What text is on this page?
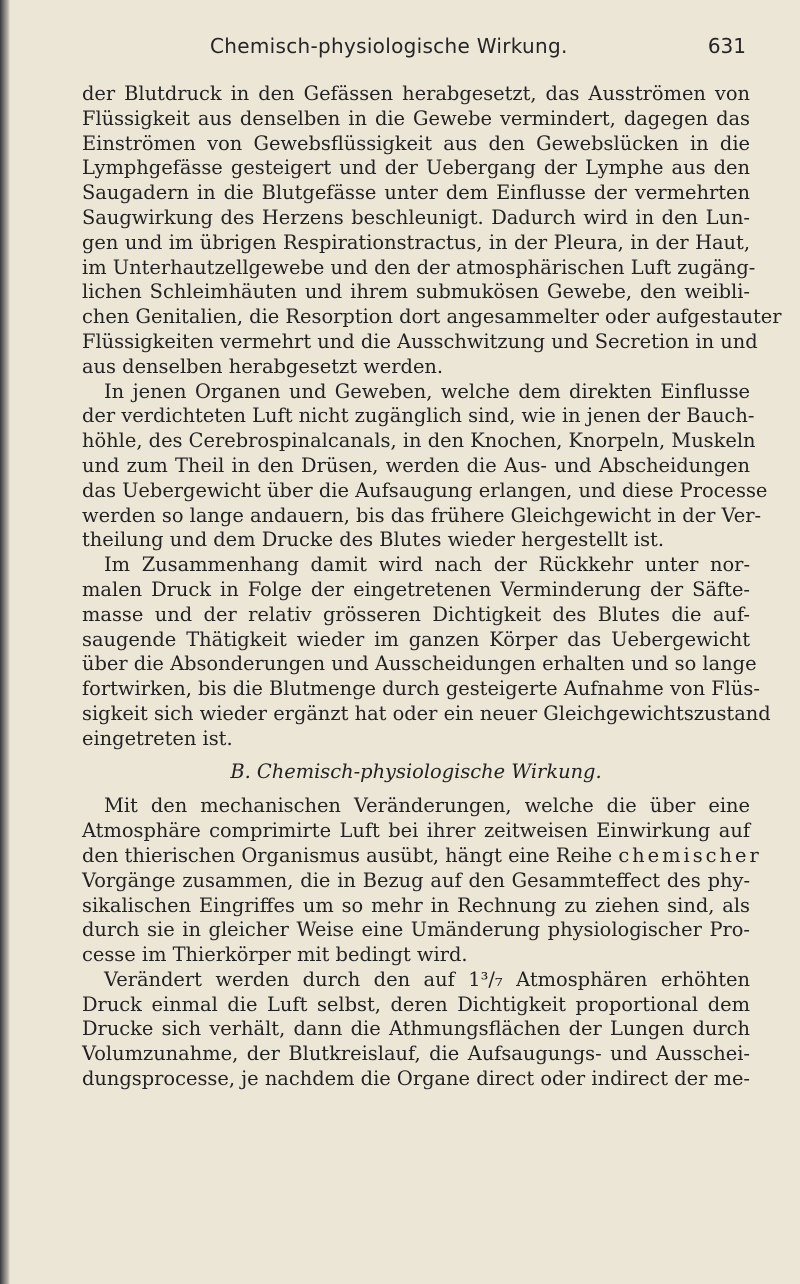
Chemisch-physiologische Wirkung.	631
der Blutdruck in den Gefässen herabgesetzt, das Ausströmen von
Flüssigkeit aus denselben in die Gewebe vermindert, dagegen das
Einströmen von Gewebsflüssigkeit aus den Gewebslücken in die
Lymphgefässe gesteigert und der Uebergang der Lymphe aus den
Saugadern in die Blutgefässe unter dem Einflusse der vermehrten
Saugwirkung des Herzens beschleunigt. Dadurch wird in den Lun-
gen und im übrigen Respirationstractus, in der Pleura, in der Haut,
im Unterhautzellgewebe und den der atmosphärischen Luft zugäng-
lichen Schleimhäuten und ihrem submukösen Gewebe, den weibli-
chen Genitalien, die Resorption dort angesammelter oder aufgestauter
Flüssigkeiten vermehrt und die Ausschwitzung und Secretion in und
aus denselben herabgesetzt werden.
In jenen Organen und Geweben, welche dem direkten Einflusse
der verdichteten Luft nicht zugänglich sind, wie in jenen der Bauch-
höhle, des Cerebrospinalcanals, in den Knochen, Knorpeln, Muskeln
und zum Theil in den Drüsen, werden die Aus- und Abscheidungen
das Uebergewicht über die Aufsaugung erlangen, und diese Processe
werden so lange andauern, bis das frühere Gleichgewicht in der Ver-
theilung und dem Drucke des Blutes wieder hergestellt ist.
Im Zusammenhang damit wird nach der Rückkehr unter nor-
malen Druck in Folge der eingetretenen Verminderung der Säfte-
masse und der relativ grösseren Dichtigkeit des Blutes die auf-
saugende Thätigkeit wieder im ganzen Körper das Uebergewicht
über die Absonderungen und Ausscheidungen erhalten und so lange
fortwirken, bis die Blutmenge durch gesteigerte Aufnahme von Flüs-
sigkeit sich wieder ergänzt hat oder ein neuer Gleichgewichtszustand
eingetreten ist.
B. Chemisch-physiologische Wirkung.
Mit den mechanischen Veränderungen, welche die über eine
Atmosphäre comprimirte Luft bei ihrer zeitweisen Einwirkung auf
den thierischen Organismus ausübt, hängt eine Reihe chemischer
Vorgänge zusammen, die in Bezug auf den Gesammteffect des phy-
sikalischen Eingriffes um so mehr in Rechnung zu ziehen sind, als
durch sie in gleicher Weise eine Umänderung physiologischer Pro-
cesse im Thierkörper mit bedingt wird.
Verändert werden durch den auf 1³/₇ Atmosphären erhöhten
Druck einmal die Luft selbst, deren Dichtigkeit proportional dem
Drucke sich verhält, dann die Athmungsflächen der Lungen durch
Volumzunahme, der Blutkreislauf, die Aufsaugungs- und Ausschei-
dungsprocesse, je nachdem die Organe direct oder indirect der me-
